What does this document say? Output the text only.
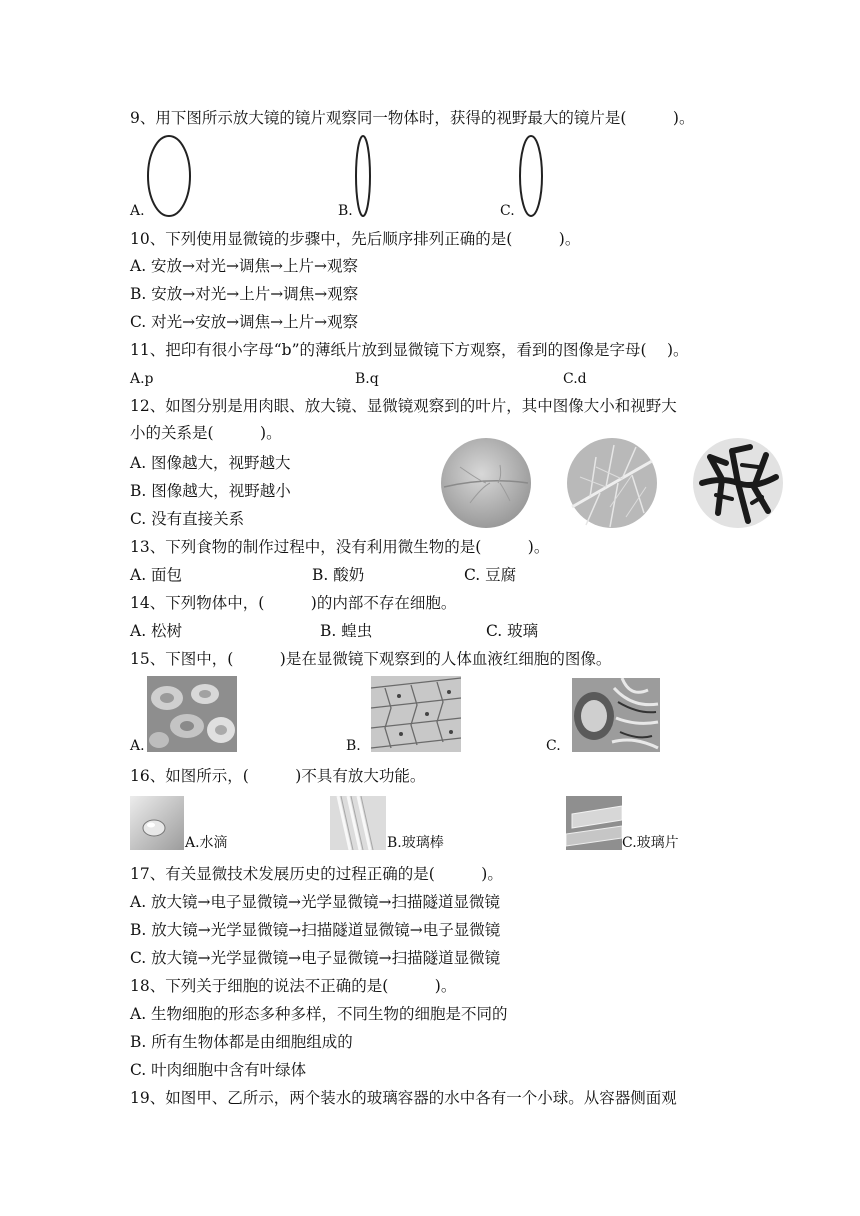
9、用下图所示放大镜的镜片观察同一物体时，获得的视野最大的镜片是(　　　)。
A.	B.	C.
10、下列使用显微镜的步骤中，先后顺序排列正确的是(　　　)。
A. 安放→对光→调焦→上片→观察
B. 安放→对光→上片→调焦→观察
C. 对光→安放→调焦→上片→观察
11、把印有很小字母“b”的薄纸片放到显微镜下方观察，看到的图像是字母(　 )。
A.p	B.q	C.d
12、如图分别是用肉眼、放大镜、显微镜观察到的叶片，其中图像大小和视野大
小的关系是(　　　)。
A. 图像越大，视野越大
B. 图像越大，视野越小
C. 没有直接关系
13、下列食物的制作过程中，没有利用微生物的是(　　　)。
A. 面包	B. 酸奶	C. 豆腐
14、下列物体中，(　　　)的内部不存在细胞。
A. 松树	B. 蝗虫	C. 玻璃
15、下图中，(　　　)是在显微镜下观察到的人体血液红细胞的图像。
A.	B.	C.
16、如图所示，(　　　)不具有放大功能。
A.水滴	B.玻璃棒	C.玻璃片
17、有关显微技术发展历史的过程正确的是(　　　)。
A. 放大镜→电子显微镜→光学显微镜→扫描隧道显微镜
B. 放大镜→光学显微镜→扫描隧道显微镜→电子显微镜
C. 放大镜→光学显微镜→电子显微镜→扫描隧道显微镜
18、下列关于细胞的说法不正确的是(　　　)。
A. 生物细胞的形态多种多样，不同生物的细胞是不同的
B. 所有生物体都是由细胞组成的
C. 叶肉细胞中含有叶绿体
19、如图甲、乙所示，两个装水的玻璃容器的水中各有一个小球。从容器侧面观
